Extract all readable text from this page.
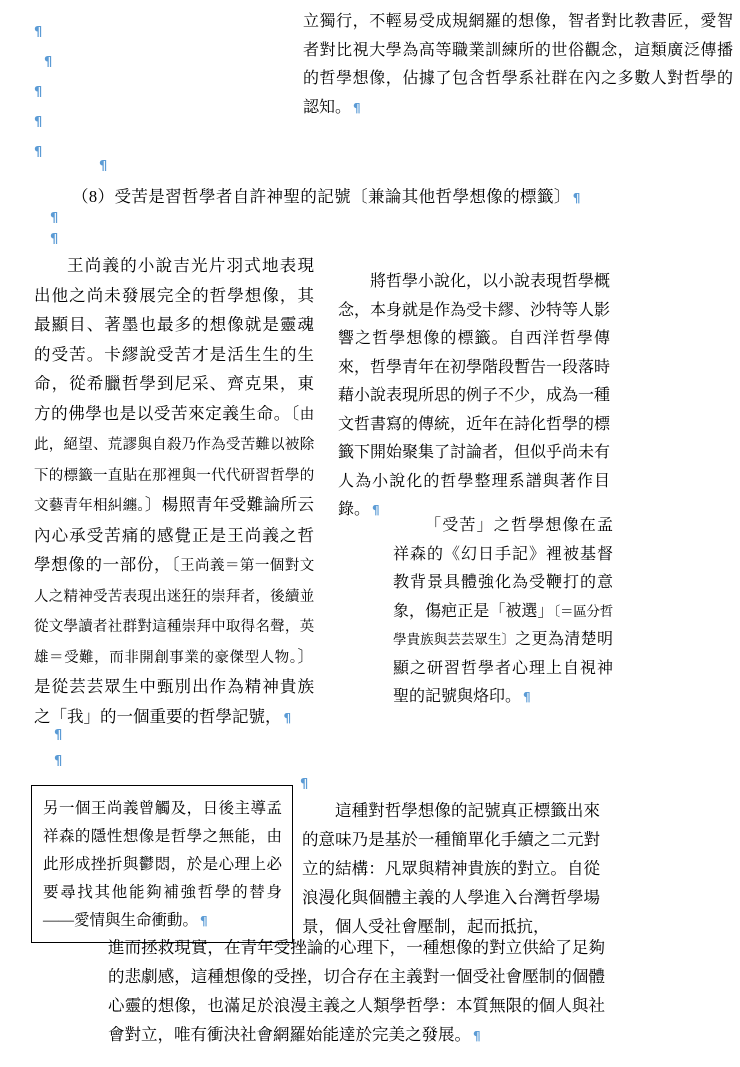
¶
¶
¶
¶
¶
¶
立獨行，不輕易受成規網羅的想像，智者對比教書匠，愛智者對比視大學為高等職業訓練所的世俗觀念，這類廣泛傳播的哲學想像，佔據了包含哲學系社群在內之多數人對哲學的認知。 ¶
（8）受苦是習哲學者自許神聖的記號〔兼論其他哲學想像的標籤〕 ¶
¶
¶
王尚義的小說吉光片羽式地表現出他之尚未發展完全的哲學想像，其最顯目、著墨也最多的想像就是靈魂的受苦。卡繆說受苦才是活生生的生命，從希臘哲學到尼采、齊克果，東方的佛學也是以受苦來定義生命。〔由此，絕望、荒謬與自殺乃作為受苦難以被除下的標籤一直貼在那裡與一代代研習哲學的文藝青年相糾纏。〕楊照青年受難論所云內心承受苦痛的感覺正是王尚義之哲學想像的一部份，〔王尚義＝第一個對文人之精神受苦表現出迷狂的崇拜者，後續並從文學讀者社群對這種崇拜中取得名聲，英雄＝受難，而非開創事業的豪傑型人物。〕是從芸芸眾生中甄別出作為精神貴族之「我」的一個重要的哲學記號， ¶
¶
¶
將哲學小說化，以小說表現哲學概念，本身就是作為受卡繆、沙特等人影響之哲學想像的標籤。自西洋哲學傳來，哲學青年在初學階段暫告一段落時藉小說表現所思的例子不少，成為一種文哲書寫的傳統，近年在詩化哲學的標籤下開始聚集了討論者，但似乎尚未有人為小說化的哲學整理系譜與著作目錄。 ¶
「受苦」之哲學想像在孟祥森的《幻日手記》裡被基督教背景具體強化為受鞭打的意象，傷疤正是「被選」〔＝區分哲學貴族與芸芸眾生〕之更為清楚明顯之研習哲學者心理上自視神聖的記號與烙印。 ¶
另一個王尚義曾觸及，日後主導孟祥森的隱性想像是哲學之無能，由此形成挫折與鬱悶，於是心理上必要尋找其他能夠補強哲學的替身——愛情與生命衝動。 ¶
¶
這種對哲學想像的記號真正標籤出來的意味乃是基於一種簡單化手續之二元對立的結構：凡眾與精神貴族的對立。自從浪漫化與個體主義的人學進入台灣哲學場景，個人受社會壓制，起而抵抗，
進而拯救現實，在青年受挫論的心理下，一種想像的對立供給了足夠的悲劇感，這種想像的受挫，切合存在主義對一個受社會壓制的個體心靈的想像，也滿足於浪漫主義之人類學哲學：本質無限的個人與社會對立，唯有衝決社會網羅始能達於完美之發展。 ¶
